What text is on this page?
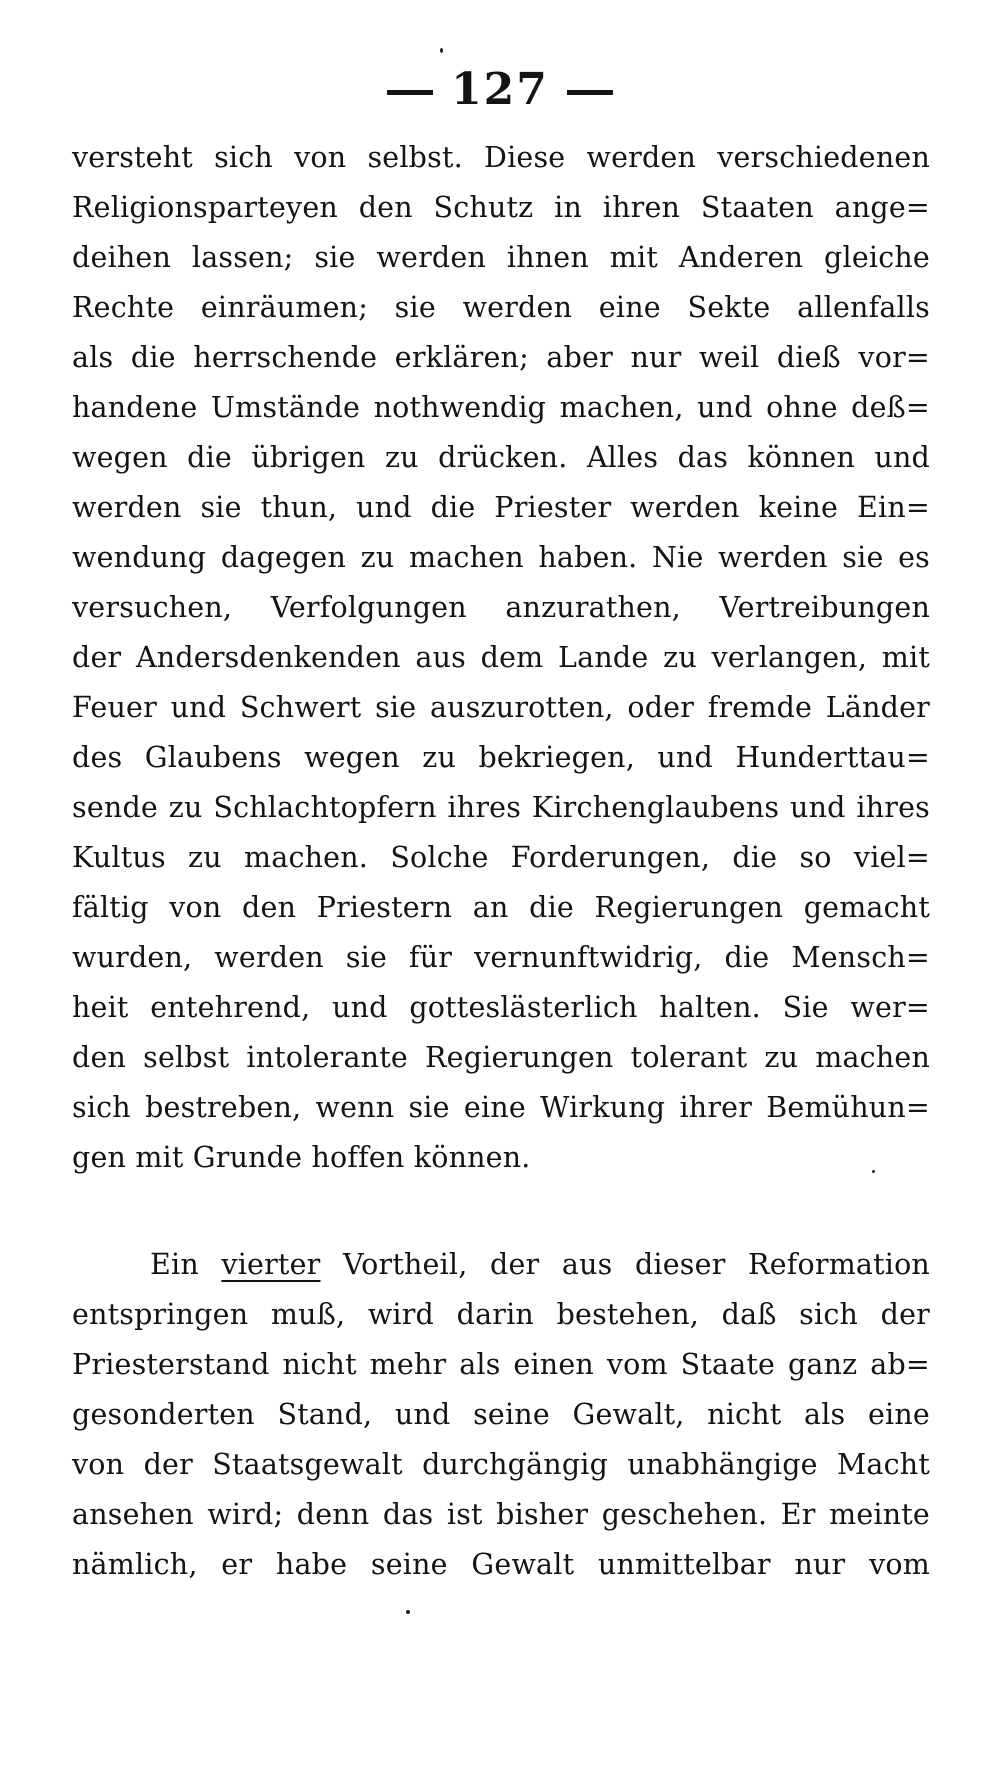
127
versteht sich von selbst. Diese werden verschiedenen
Religionsparteyen den Schutz in ihren Staaten ange=
deihen lassen; sie werden ihnen mit Anderen gleiche
Rechte einräumen; sie werden eine Sekte allenfalls
als die herrschende erklären; aber nur weil dieß vor=
handene Umstände nothwendig machen, und ohne deß=
wegen die übrigen zu drücken. Alles das können und
werden sie thun, und die Priester werden keine Ein=
wendung dagegen zu machen haben. Nie werden sie es
versuchen, Verfolgungen anzurathen, Vertreibungen
der Andersdenkenden aus dem Lande zu verlangen, mit
Feuer und Schwert sie auszurotten, oder fremde Länder
des Glaubens wegen zu bekriegen, und Hunderttau=
sende zu Schlachtopfern ihres Kirchenglaubens und ihres
Kultus zu machen. Solche Forderungen, die so viel=
fältig von den Priestern an die Regierungen gemacht
wurden, werden sie für vernunftwidrig, die Mensch=
heit entehrend, und gotteslästerlich halten. Sie wer=
den selbst intolerante Regierungen tolerant zu machen
sich bestreben, wenn sie eine Wirkung ihrer Bemühun=
gen mit Grunde hoffen können.
Ein vierter Vortheil, der aus dieser Reformation
entspringen muß, wird darin bestehen, daß sich der
Priesterstand nicht mehr als einen vom Staate ganz ab=
gesonderten Stand, und seine Gewalt, nicht als eine
von der Staatsgewalt durchgängig unabhängige Macht
ansehen wird; denn das ist bisher geschehen. Er meinte
nämlich, er habe seine Gewalt unmittelbar nur vom
